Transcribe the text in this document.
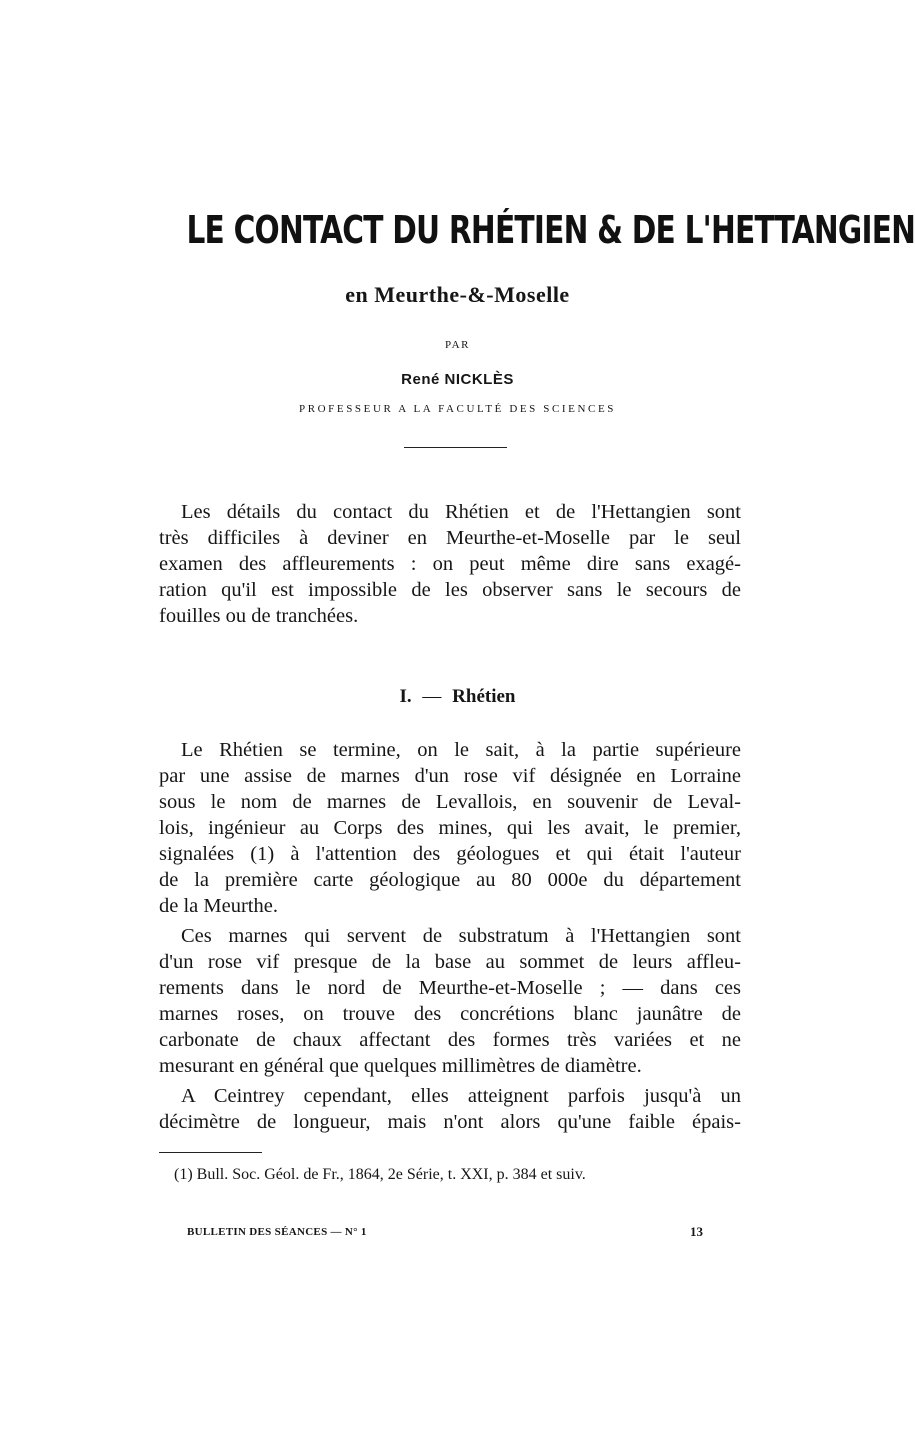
LE CONTACT DU RHÉTIEN & DE L'HETTANGIEN
en Meurthe-&-Moselle
PAR
René NICKLÈS
PROFESSEUR A LA FACULTÉ DES SCIENCES
Les détails du contact du Rhétien et de l'Hettangien sont
très difficiles à deviner en Meurthe-et-Moselle par le seul
examen des affleurements : on peut même dire sans exagé-
ration qu'il est impossible de les observer sans le secours de
fouilles ou de tranchées.
I. — Rhétien
Le Rhétien se termine, on le sait, à la partie supérieure
par une assise de marnes d'un rose vif désignée en Lorraine
sous le nom de marnes de Levallois, en souvenir de Leval-
lois, ingénieur au Corps des mines, qui les avait, le premier,
signalées (1) à l'attention des géologues et qui était l'auteur
de la première carte géologique au 80 000e du département
de la Meurthe.
Ces marnes qui servent de substratum à l'Hettangien sont
d'un rose vif presque de la base au sommet de leurs affleu-
rements dans le nord de Meurthe-et-Moselle ; — dans ces
marnes roses, on trouve des concrétions blanc jaunâtre de
carbonate de chaux affectant des formes très variées et ne
mesurant en général que quelques millimètres de diamètre.
A Ceintrey cependant, elles atteignent parfois jusqu'à un
décimètre de longueur, mais n'ont alors qu'une faible épais-
(1) Bull. Soc. Géol. de Fr., 1864, 2e Série, t. XXI, p. 384 et suiv.
BULLETIN DES SÉANCES — N° 1	13
